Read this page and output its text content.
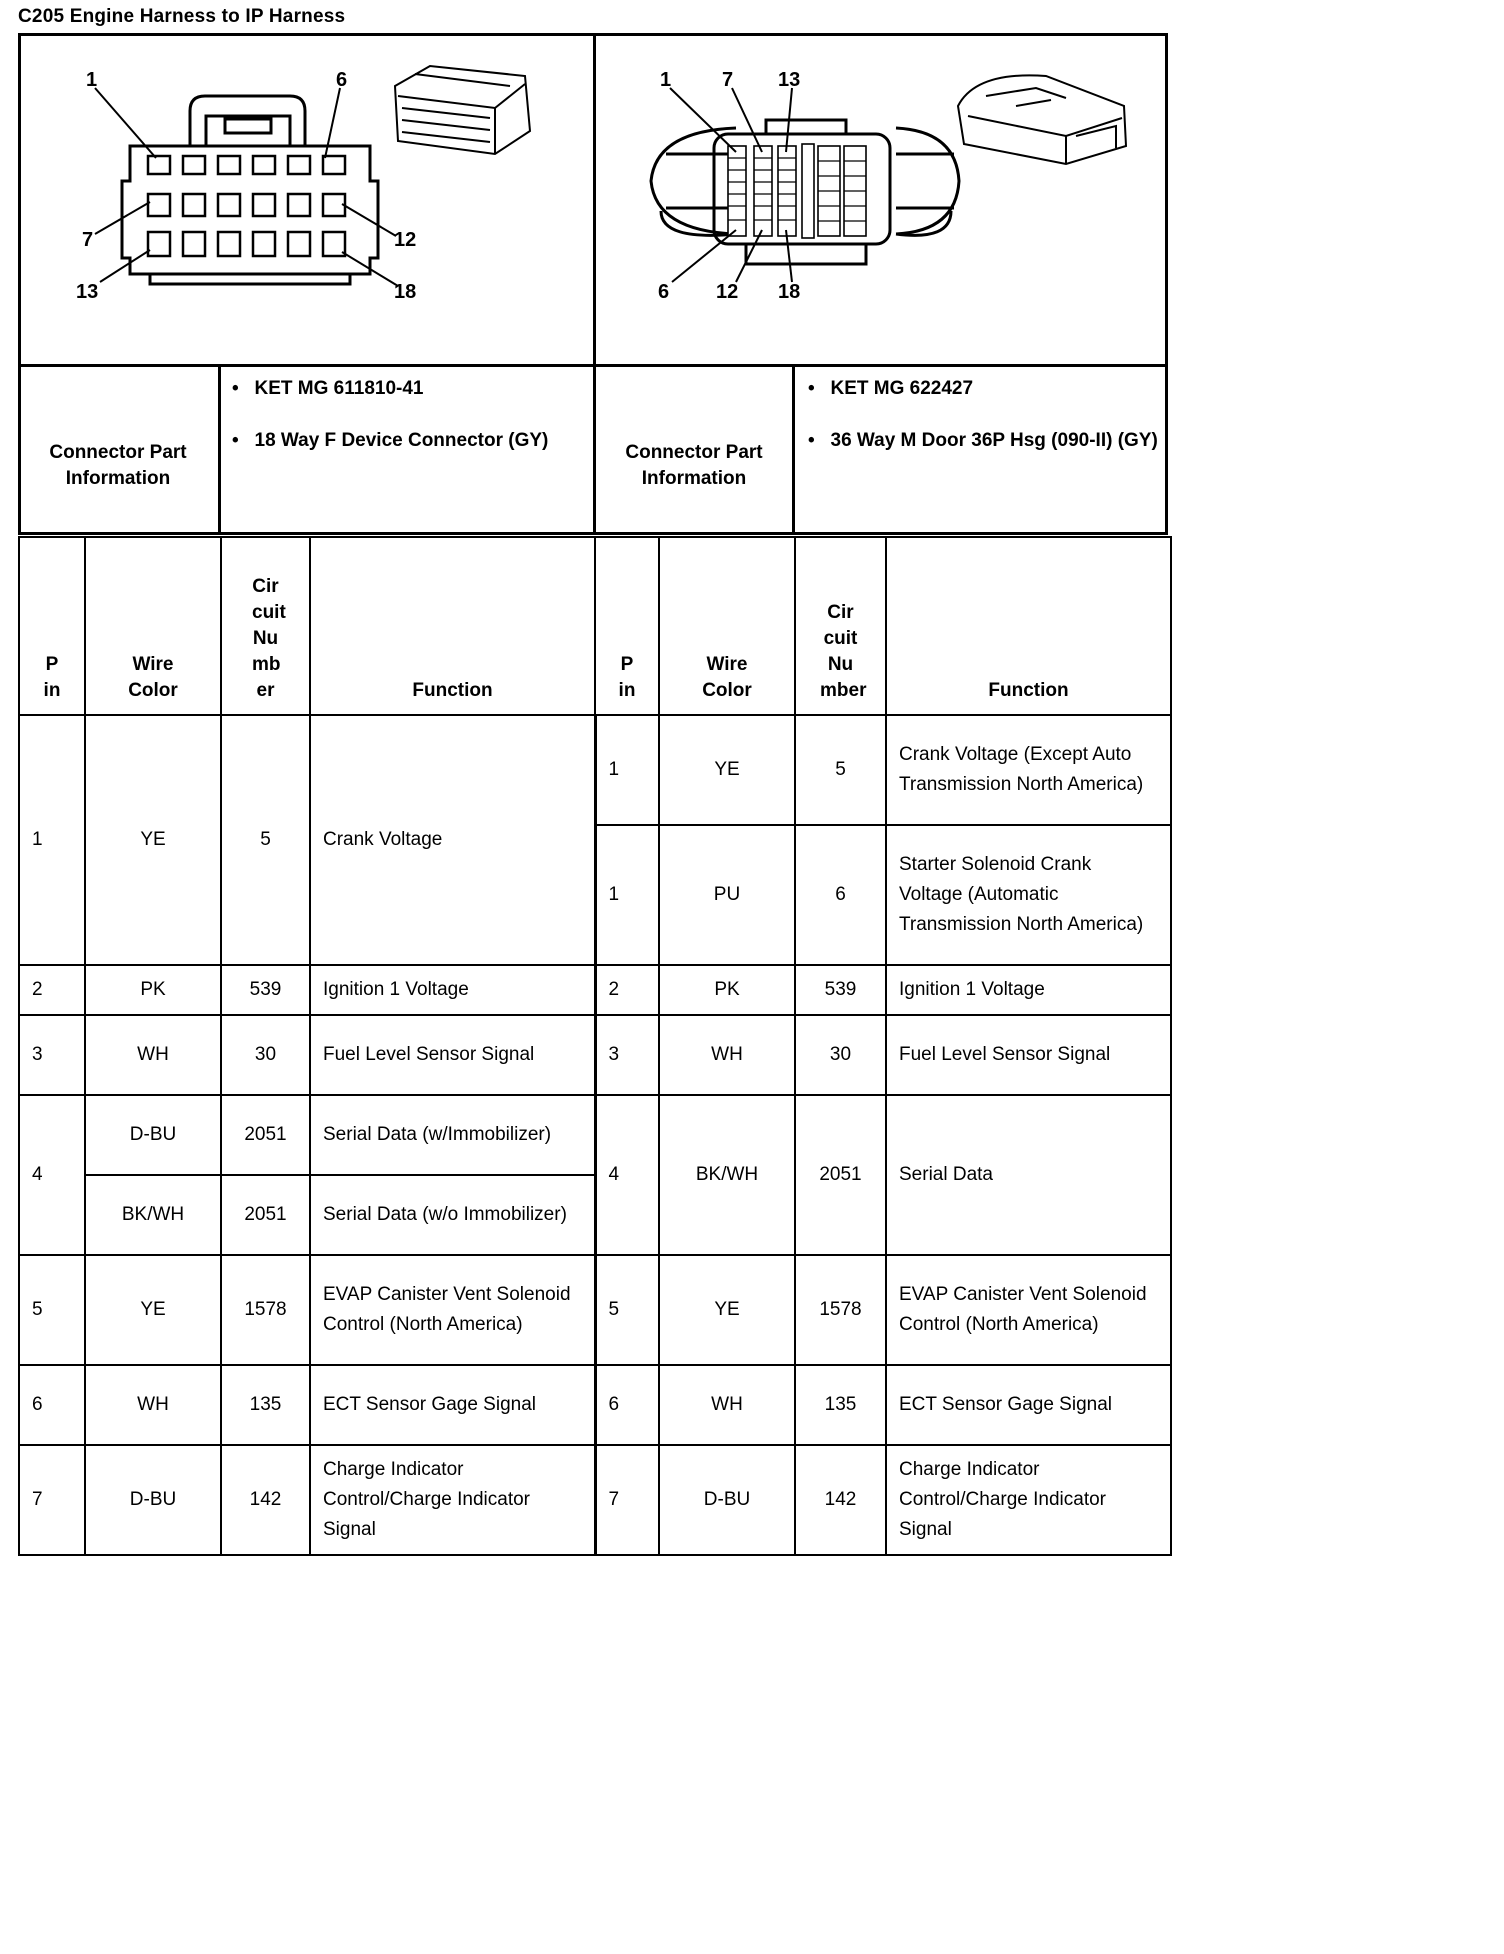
C205 Engine Harness to IP Harness
1	6
7	12
13	18
1	7 13
6 12 18
Connector Part Information
•   KET MG 611810-41
•   18 Way F Device Connector (GY)
Connector Part Information
•   KET MG 622427
•   36 Way M Door 36P Hsg (090-II) (GY)
P in	Wire Color	Cir cuit Nu mb er	Function	P in	Wire Color	Cir cuit Nu mber	Function
1	YE	5	Crank Voltage	1	YE	5	Crank Voltage (Except Auto Transmission North America)
				1	PU	6	Starter Solenoid Crank Voltage (Automatic Transmission North America)
2	PK	539	Ignition 1 Voltage	2	PK	539	Ignition 1 Voltage
3	WH	30	Fuel Level Sensor Signal	3	WH	30	Fuel Level Sensor Signal
4	D-BU	2051	Serial Data (w/Immobilizer)	4	BK/WH	2051	Serial Data
	BK/WH	2051	Serial Data (w/o Immobilizer)				
5	YE	1578	EVAP Canister Vent Solenoid Control (North America)	5	YE	1578	EVAP Canister Vent Solenoid Control (North America)
6	WH	135	ECT Sensor Gage Signal	6	WH	135	ECT Sensor Gage Signal
7	D-BU	142	Charge Indicator Control/Charge Indicator Signal	7	D-BU	142	Charge Indicator Control/Charge Indicator Signal
